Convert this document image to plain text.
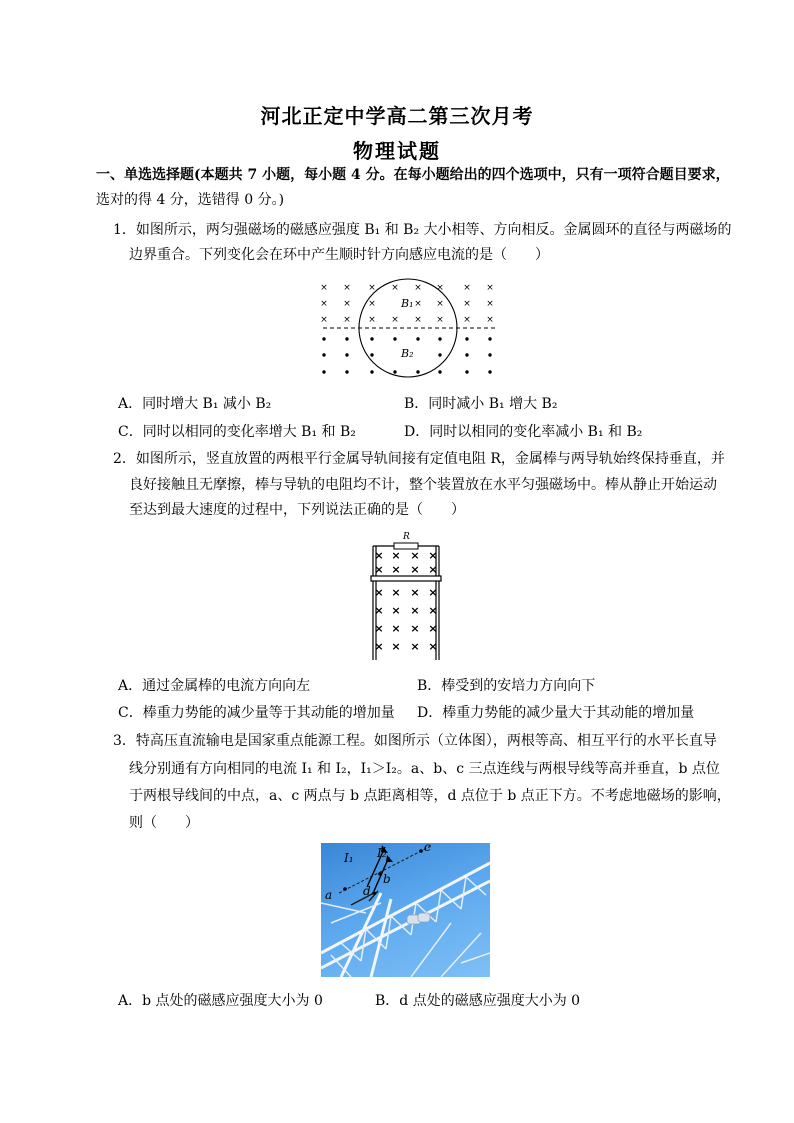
河北正定中学高二第三次月考
物理试题
一、单选选择题(本题共 7 小题，每小题 4 分。在每小题给出的四个选项中，只有一项符合题目要求，
选对的得 4 分，选错得 0 分。)
1．如图所示，两匀强磁场的磁感应强度 B₁ 和 B₂ 大小相等、方向相反。金属圆环的直径与两磁场的
边界重合。下列变化会在环中产生顺时针方向感应电流的是（　　）
× × × × × × × ×
× × ×	× × × ×
× × × × × × × ×
B₁
B₂
A．同时增大 B₁ 减小 B₂	B．同时减小 B₁ 增大 B₂
C．同时以相同的变化率增大 B₁ 和 B₂	D．同时以相同的变化率减小 B₁ 和 B₂
2．如图所示，竖直放置的两根平行金属导轨间接有定值电阻 R，金属棒与两导轨始终保持垂直，并
良好接触且无摩擦，棒与导轨的电阻均不计，整个装置放在水平匀强磁场中。棒从静止开始运动
至达到最大速度的过程中，下列说法正确的是（　　）
R
× × × ×
× × × ×
× × × ×
× × × ×
× × × ×
× × × ×
A．通过金属棒的电流方向向左	B．棒受到的安培力方向向下
C．棒重力势能的减少量等于其动能的增加量 D．棒重力势能的减少量大于其动能的增加量
3．特高压直流输电是国家重点能源工程。如图所示（立体图），两根等高、相互平行的水平长直导
线分别通有方向相同的电流 I₁ 和 I₂，I₁＞I₂。a、b、c 三点连线与两根导线等高并垂直，b 点位
于两根导线间的中点，a、c 两点与 b 点距离相等，d 点位于 b 点正下方。不考虑地磁场的影响，
则（　　）
I₁ I₂
a
b
c
d
A．b 点处的磁感应强度大小为 0	B．d 点处的磁感应强度大小为 0
